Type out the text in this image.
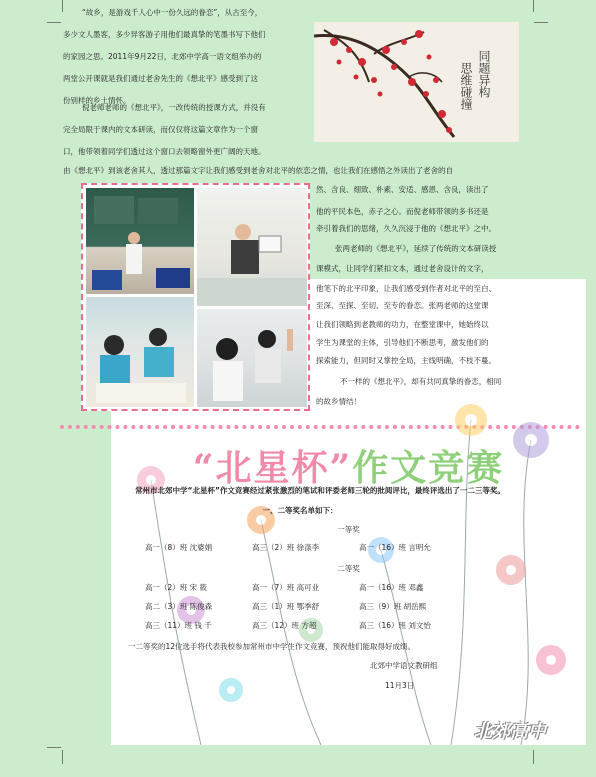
同题异构
思维碰撞

“故乡，是游戏千人心中一份久远的眷恋”，从古至今，

多少文人墨客，多少异客游子用他们最真挚的笔墨书写下他们

的家园之思。2011年9月22日，北郊中学高一语文组举办的

两堂公开课就是我们通过老舍先生的《想北平》感受到了这

份别样的乡土情怀。

倪老师老师的《想北平》，一改传统的授课方式，并没有

完全局限于课内的文本研读，而仅仅将这篇文章作为一个窗

口，他带领着同学们透过这个窗口去领略窗外更广阔的天地。

由《想北平》到该老舍其人，透过那篇文字让我们感受到老舍对北平的依恋之情，也让我们在感悟之外读出了老舍的自

然、含良、细致、朴素、安适、感恩、含良，读出了

他的平民本色，赤子之心。而倪老师带领的多书还是

牵引着我们的思绪，久久沉浸于他的《想北平》之中。

张两老师的《想北平》，延续了传统的文本研读授

课模式，让同学们紧扣文本，通过老舍设计的文字，

他笔下的北平印象，让我们感受到作者对北平的至白、

至深、至探、至切、至专的眷恋。张两老师的这堂课

让我们领略到老教师的功力，在整堂课中，她始终以

学生为课堂的主体，引导他们不断思考，激发他们的

探索能力，但同时又掌控全局，主线明确，不枝不蔓。

不一样的《想北平》，却有共同真挚的眷恋，相同

的故乡情结！

“北星杯”作文竞赛

常州市北郊中学“北星杯”作文竞赛经过紧张激烈的笔试和评委老师三轮的批阅评比，最终评选出了一二三等奖。

一、二等奖名单如下：

一等奖

高一（8）班 沈婆娟	高三（2）班 徐涤李	高一（16）班 言明允

二等奖

高一（2）班 宋 筱	高一（7）班 高可业	高一（16）班 邓鑫

高二（3）班 陈俊森	高三（1）班 鄂季舒	高三（9）班 胡岳熙

高三（11）班 钱 千	高三（12）班 方超	高三（16）班 刘文怡

一二等奖的12位选手将代表我校参加常州市中学生作文竞赛，预祝他们能取得好成绩。

北郊中学语文教研组

11月3日

北郊高中
